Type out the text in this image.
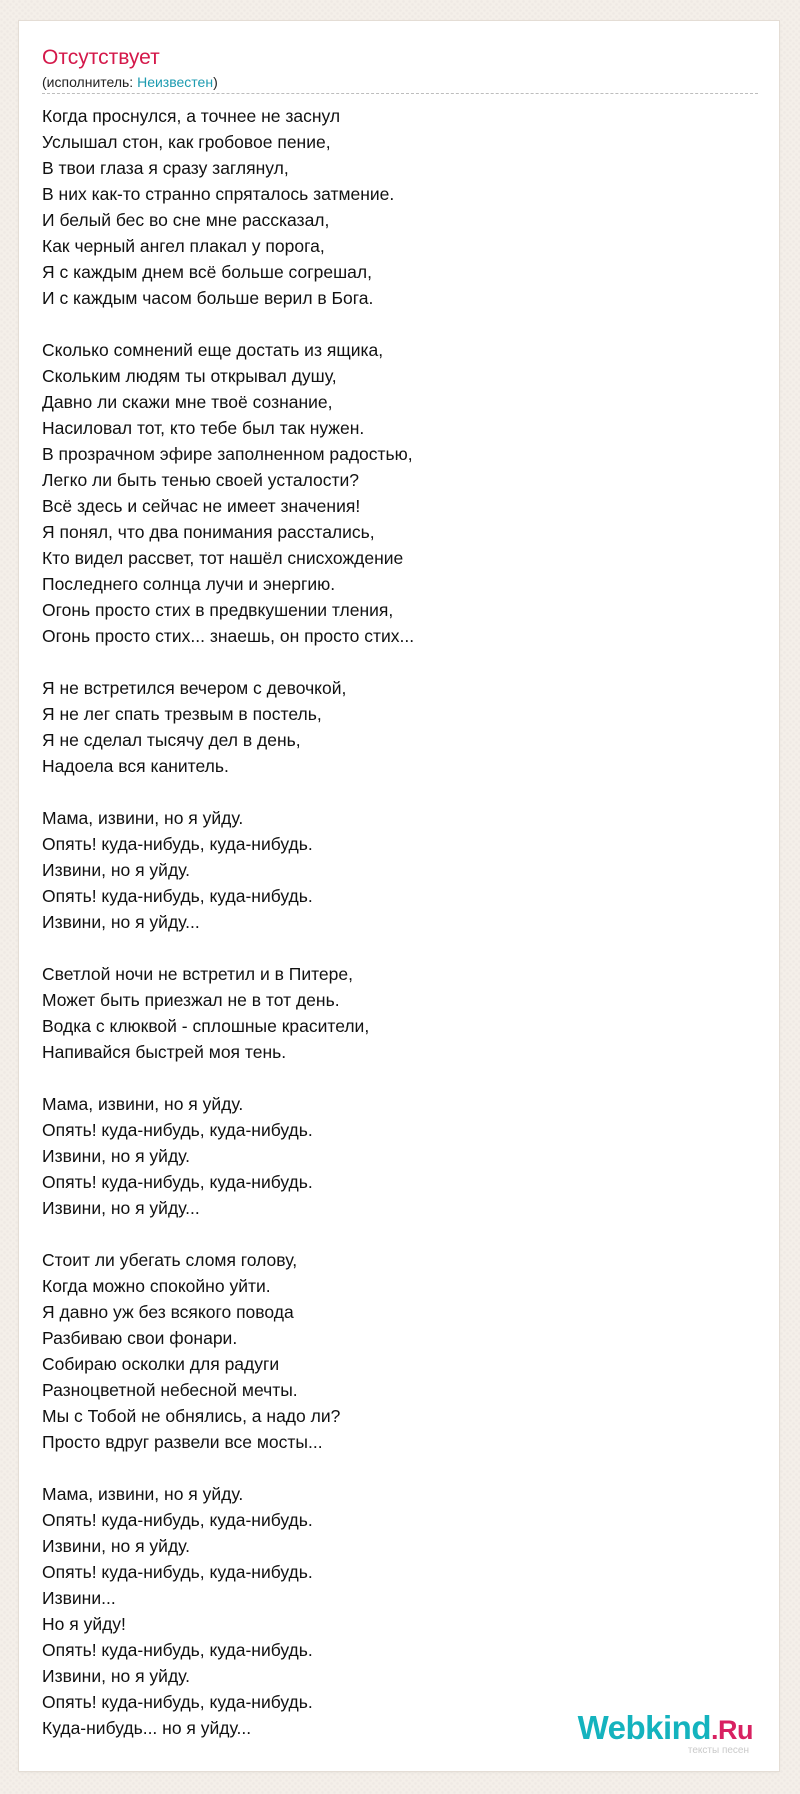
Отсутствует
(исполнитель: Неизвестен)
Когда проснулся, а точнее не заснул
Услышал стон, как гробовое пение,
В твои глаза я сразу заглянул,
В них как-то странно спряталось затмение.
И белый бес во сне мне рассказал,
Как черный ангел плакал у порога,
Я с каждым днем всё больше согрешал,
И с каждым часом больше верил в Бога.
Сколько сомнений еще достать из ящика,
Скольким людям ты открывал душу,
Давно ли скажи мне твоё сознание,
Насиловал тот, кто тебе был так нужен.
В прозрачном эфире заполненном радостью,
Легко ли быть тенью своей усталости?
Всё здесь и сейчас не имеет значения!
Я понял, что два понимания расстались,
Кто видел рассвет, тот нашёл снисхождение
Последнего солнца лучи и энергию.
Огонь просто стих в предвкушении тления,
Огонь просто стих... знаешь, он просто стих...
Я не встретился вечером с девочкой,
Я не лег спать трезвым в постель,
Я не сделал тысячу дел в день,
Надоела вся канитель.
Мама, извини, но я уйду.
Опять! куда-нибудь, куда-нибудь.
Извини, но я уйду.
Опять! куда-нибудь, куда-нибудь.
Извини, но я уйду...
Светлой ночи не встретил и в Питере,
Может быть приезжал не в тот день.
Водка с клюквой - сплошные красители,
Напивайся быстрей моя тень.
Мама, извини, но я уйду.
Опять! куда-нибудь, куда-нибудь.
Извини, но я уйду.
Опять! куда-нибудь, куда-нибудь.
Извини, но я уйду...
Стоит ли убегать сломя голову,
Когда можно спокойно уйти.
Я давно уж без всякого повода
Разбиваю свои фонари.
Собираю осколки для радуги
Разноцветной небесной мечты.
Мы с Тобой не обнялись, а надо ли?
Просто вдруг развели все мосты...
Мама, извини, но я уйду.
Опять! куда-нибудь, куда-нибудь.
Извини, но я уйду.
Опять! куда-нибудь, куда-нибудь.
Извини...
Но я уйду!
Опять! куда-нибудь, куда-нибудь.
Извини, но я уйду.
Опять! куда-нибудь, куда-нибудь.
Куда-нибудь... но я уйду...	Webkind.Ru
тексты песен
